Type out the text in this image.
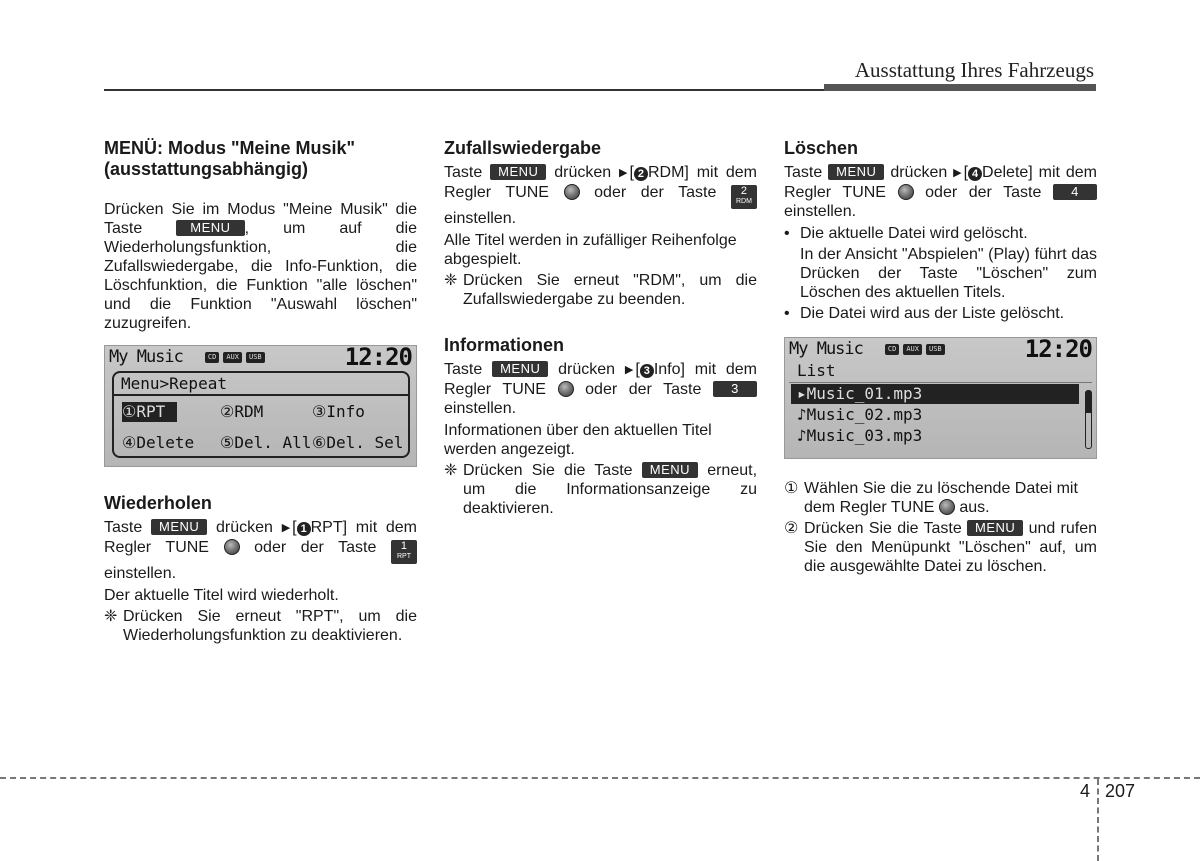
Ausstattung Ihres Fahrzeugs
MENÜ: Modus "Meine Musik" (ausstattungsabhängig)

Drücken Sie im Modus "Meine Musik" die Taste	MENU , um auf die Wiederholungsfunktion, die Zufallswiedergabe, die Info-Funktion, die Löschfunktion, die Funktion "alle löschen" und die Funktion "Auswahl löschen" zuzugreifen.

My Music	CD	AUX	USB	12:20
Menu>Repeat
①RPT	②RDM	③Info
④Delete ⑤Del. All ⑥Del. Sel
Wiederholen

Taste MENU drücken ▶ [ 1 RPT] mit dem Regler TUNE	oder der Taste 1
RPT
einstellen.

Der aktuelle Titel wird wiederholt.

❈ Drücken Sie erneut "RPT", um die Wiederholungsfunktion zu deaktivieren.
Zufallswiedergabe

Taste MENU drücken ▶ [ 2 RDM] mit dem Regler TUNE	oder der Taste 2
RDM
einstellen.

Alle Titel werden in zufälliger Reihenfolge abgespielt.

❈ Drücken Sie erneut "RDM", um die Zufallswiedergabe zu beenden.
Informationen

Taste MENU drücken ▶ [ 3 Info] mit dem Regler TUNE oder der Taste 3 einstellen.

Informationen über den aktuellen Titel werden angezeigt.

❈ Drücken Sie die Taste MENU erneut, um die Informationsanzeige zu deaktivieren.
Löschen

Taste MENU drücken ▶ [ 4 Delete] mit dem Regler TUNE oder der Taste 4 einstellen.

• Die aktuelle Datei wird gelöscht.
In der Ansicht "Abspielen" (Play) führt das Drücken der Taste "Löschen" zum Löschen des aktuellen Titels.
• Die Datei wird aus der Liste gelöscht.
My Music	CD	AUX	USB	12:20
List
▸Music_01.mp3
♪Music_02.mp3
♪Music_03.mp3
① Wählen Sie die zu löschende Datei mit dem Regler TUNE aus.
② Drücken Sie die Taste MENU und rufen Sie den Menüpunkt "Löschen" auf, um die ausgewählte Datei zu löschen.
4 207
